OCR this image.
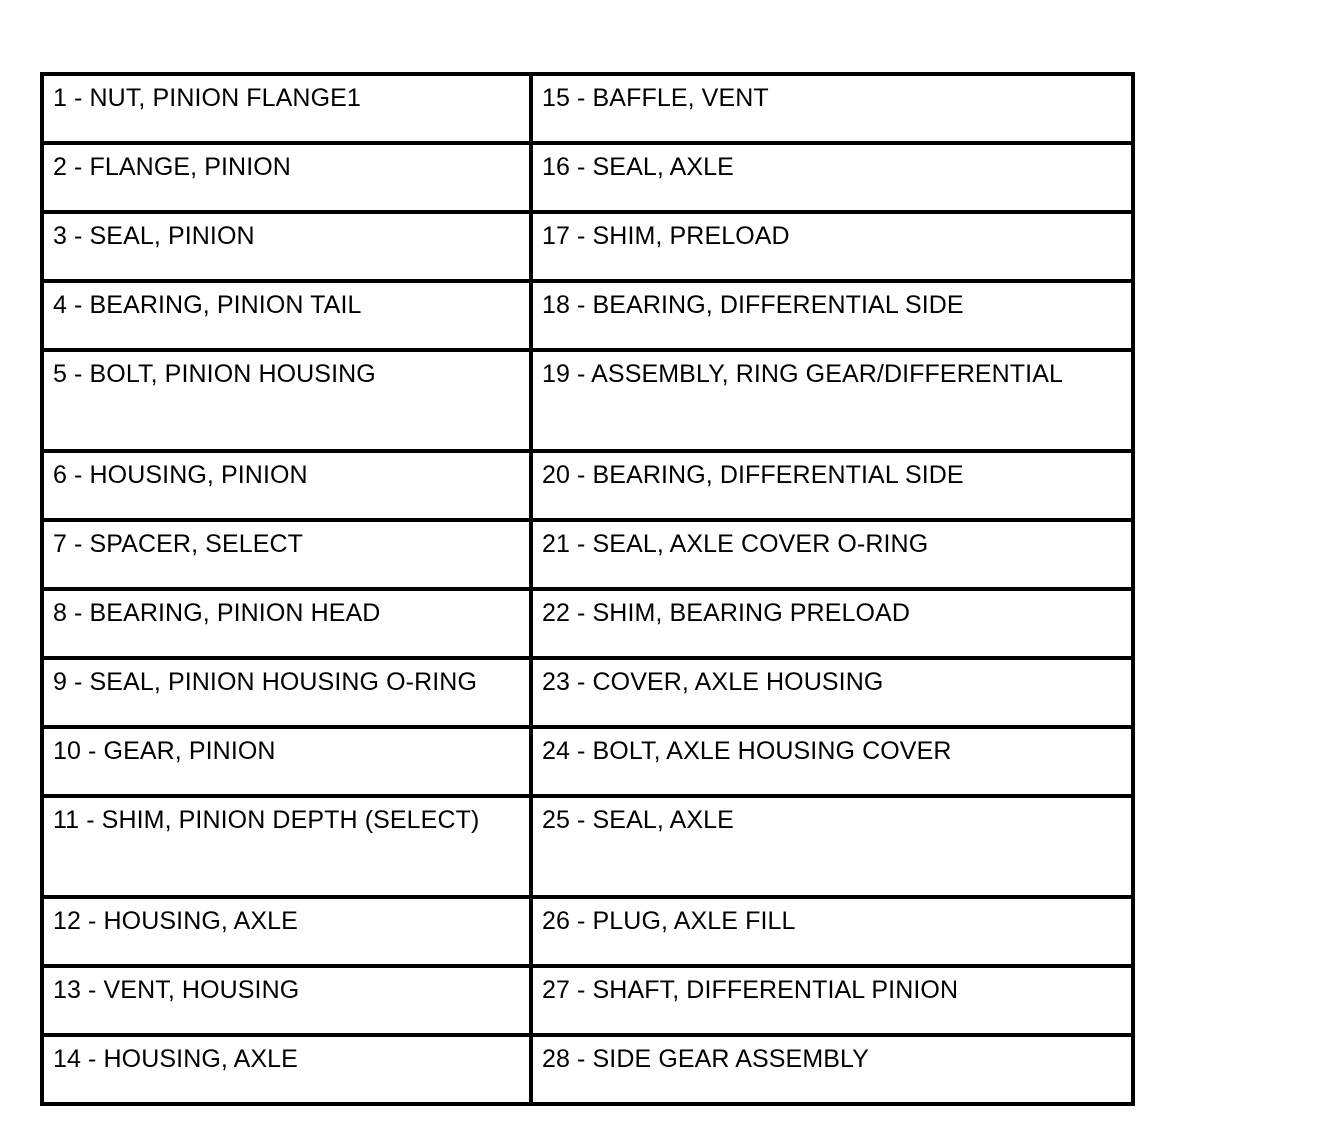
1 - NUT, PINION FLANGE1	15 - BAFFLE, VENT
2 - FLANGE, PINION	16 - SEAL, AXLE
3 - SEAL, PINION	17 - SHIM, PRELOAD
4 - BEARING, PINION TAIL	18 - BEARING, DIFFERENTIAL SIDE
5 - BOLT, PINION HOUSING	19 - ASSEMBLY, RING GEAR/DIFFERENTIAL
6 - HOUSING, PINION	20 - BEARING, DIFFERENTIAL SIDE
7 - SPACER, SELECT	21 - SEAL, AXLE COVER O-RING
8 - BEARING, PINION HEAD	22 - SHIM, BEARING PRELOAD
9 - SEAL, PINION HOUSING O-RING	23 - COVER, AXLE HOUSING
10 - GEAR, PINION	24 - BOLT, AXLE HOUSING COVER
11 - SHIM, PINION DEPTH (SELECT)	25 - SEAL, AXLE
12 - HOUSING, AXLE	26 - PLUG, AXLE FILL
13 - VENT, HOUSING	27 - SHAFT, DIFFERENTIAL PINION
14 - HOUSING, AXLE	28 - SIDE GEAR ASSEMBLY
